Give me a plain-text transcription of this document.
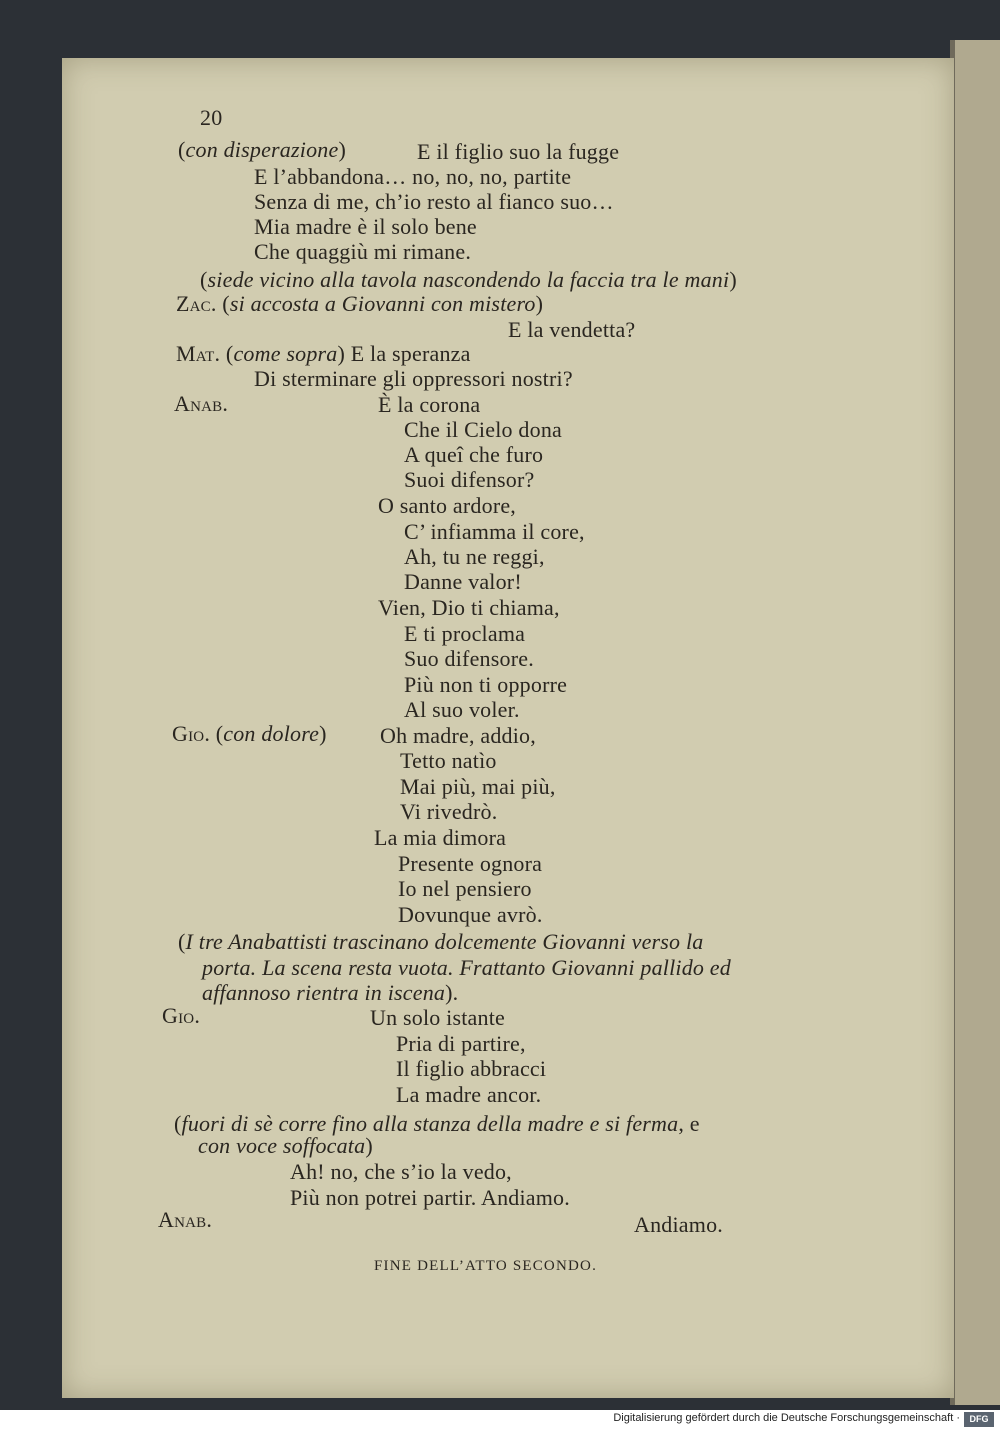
20
(con disperazione)	E il figlio suo la fugge
E l’abbandona… no, no, no, partite
Senza di me, ch’io resto al fianco suo…
Mia madre è il solo bene
Che quaggiù mi rimane.
(siede vicino alla tavola nascondendo la faccia tra le mani)
Zac. (si accosta a Giovanni con mistero)
E la vendetta?
Mat. (come sopra) E la speranza
Di sterminare gli oppressori nostri?
Anab.	È la corona
Che il Cielo dona
A queî che furo
Suoi difensor?
O santo ardore,
C’ infiamma il core,
Ah, tu ne reggi,
Danne valor!
Vien, Dio ti chiama,
E ti proclama
Suo difensore.
Più non ti opporre
Al suo voler.
Gio. (con dolore) Oh madre, addio,
Tetto natìo
Mai più, mai più,
Vi rivedrò.
La mia dimora
Presente ognora
Io nel pensiero
Dovunque avrò.
(I tre Anabattisti trascinano dolcemente Giovanni verso la
porta. La scena resta vuota. Frattanto Giovanni pallido ed
affannoso rientra in iscena).
Gio.	Un solo istante
Pria di partire,
Il figlio abbracci
La madre ancor.
(fuori di sè corre fino alla stanza della madre e si ferma, e
con voce soffocata)
Ah! no, che s’io la vedo,
Più non potrei partir. Andiamo.
Anab.	Andiamo.
FINE DELL’ATTO SECONDO.
Digitalisierung gefördert durch die Deutsche Forschungsgemeinschaft ·	DFG
